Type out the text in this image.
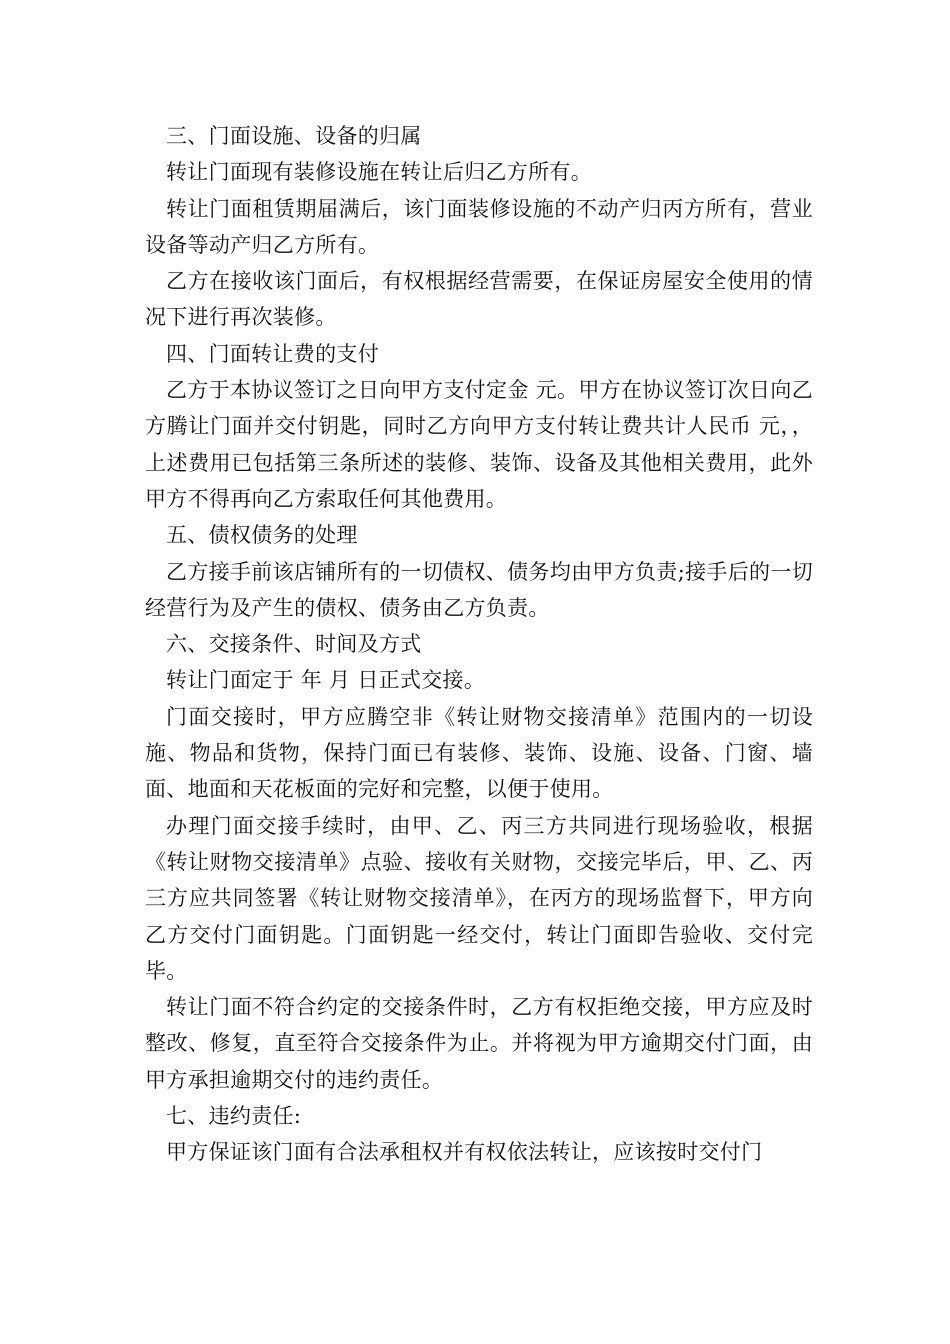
三、门面设施、设备的归属

转让门面现有装修设施在转让后归乙方所有。

转让门面租赁期届满后，该门面装修设施的不动产归丙方所有，营业设备等动产归乙方所有。

乙方在接收该门面后，有权根据经营需要，在保证房屋安全使用的情况下进行再次装修。

四、门面转让费的支付

乙方于本协议签订之日向甲方支付定金 元。甲方在协议签订次日向乙方腾让门面并交付钥匙，同时乙方向甲方支付转让费共计人民币 元，，上述费用已包括第三条所述的装修、装饰、设备及其他相关费用，此外甲方不得再向乙方索取任何其他费用。

五、债权债务的处理

乙方接手前该店铺所有的一切债权、债务均由甲方负责;接手后的一切经营行为及产生的债权、债务由乙方负责。

六、交接条件、时间及方式

转让门面定于 年 月 日正式交接。

门面交接时，甲方应腾空非《转让财物交接清单》范围内的一切设施、物品和货物，保持门面已有装修、装饰、设施、设备、门窗、墙面、地面和天花板面的完好和完整，以便于使用。

办理门面交接手续时，由甲、乙、丙三方共同进行现场验收，根据《转让财物交接清单》点验、接收有关财物，交接完毕后，甲、乙、丙三方应共同签署《转让财物交接清单》，在丙方的现场监督下，甲方向乙方交付门面钥匙。门面钥匙一经交付，转让门面即告验收、交付完毕。

转让门面不符合约定的交接条件时，乙方有权拒绝交接，甲方应及时整改、修复，直至符合交接条件为止。并将视为甲方逾期交付门面，由甲方承担逾期交付的违约责任。

七、违约责任:

甲方保证该门面有合法承租权并有权依法转让，应该按时交付门
